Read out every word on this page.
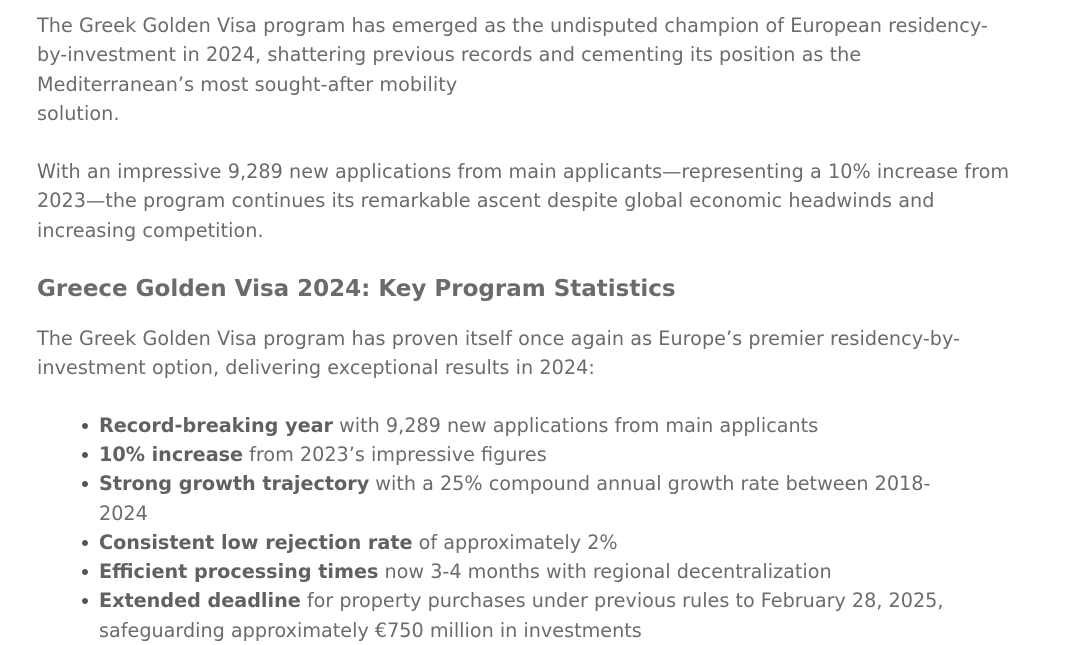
The Greek Golden Visa program has emerged as the undisputed champion of European residency-
by-investment in 2024, shattering previous records and cementing its position as the
Mediterranean’s most sought-after mobility
solution.

With an impressive 9,289 new applications from main applicants—representing a 10% increase from 2023—the program continues its remarkable ascent despite global economic headwinds and increasing competition.

Greece Golden Visa 2024: Key Program Statistics

The Greek Golden Visa program has proven itself once again as Europe’s premier residency-by-investment option, delivering exceptional results in 2024:

Record-breaking year with 9,289 new applications from main applicants
10% increase from 2023’s impressive figures
Strong growth trajectory with a 25% compound annual growth rate between 2018-2024
Consistent low rejection rate of approximately 2%
Efficient processing times now 3-4 months with regional decentralization
Extended deadline for property purchases under previous rules to February 28, 2025, safeguarding approximately €750 million in investments
